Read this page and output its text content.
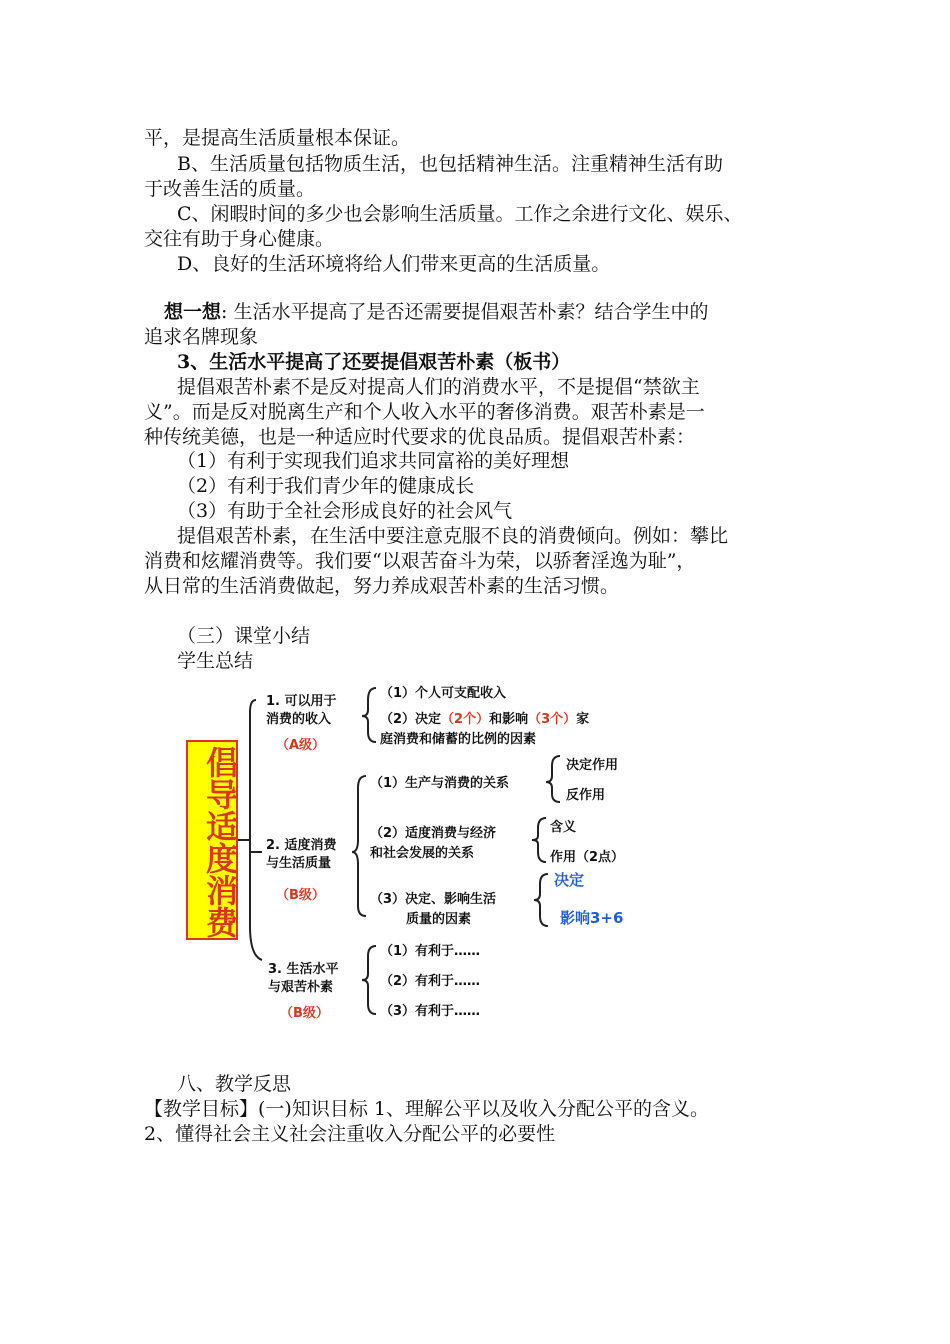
平，是提高生活质量根本保证。
B、生活质量包括物质生活，也包括精神生活。注重精神生活有助
于改善生活的质量。
C、闲暇时间的多少也会影响生活质量。工作之余进行文化、娱乐、
交往有助于身心健康。
D、良好的生活环境将给人们带来更高的生活质量。
想一想: 生活水平提高了是否还需要提倡艰苦朴素？结合学生中的
追求名牌现象
3、生活水平提高了还要提倡艰苦朴素（板书）
提倡艰苦朴素不是反对提高人们的消费水平，不是提倡“禁欲主
义”。而是反对脱离生产和个人收入水平的奢侈消费。艰苦朴素是一
种传统美德，也是一种适应时代要求的优良品质。提倡艰苦朴素：
（1）有利于实现我们追求共同富裕的美好理想
（2）有利于我们青少年的健康成长
（3）有助于全社会形成良好的社会风气
提倡艰苦朴素，在生活中要注意克服不良的消费倾向。例如：攀比
消费和炫耀消费等。我们要“以艰苦奋斗为荣，以骄奢淫逸为耻”，
从日常的生活消费做起，努力养成艰苦朴素的生活习惯。
（三）课堂小结
学生总结
倡导适度消费
1. 可以用于
消费的收入
（A级）
（1）个人可支配收入
（2）决定（2个）和影响（3个）家
庭消费和储蓄的比例的因素
2. 适度消费
与生活质量
（B级）
（1）生产与消费的关系
决定作用
反作用
（2）适度消费与经济
和社会发展的关系
含义
作用（2点）
（3）决定、影响生活
质量的因素
决定
影响3+6
3. 生活水平
与艰苦朴素
（B级）
（1）有利于……
（2）有利于……
（3）有利于……
八、教学反思
【教学目标】(一)知识目标 1、理解公平以及收入分配公平的含义。
2、懂得社会主义社会注重收入分配公平的必要性
